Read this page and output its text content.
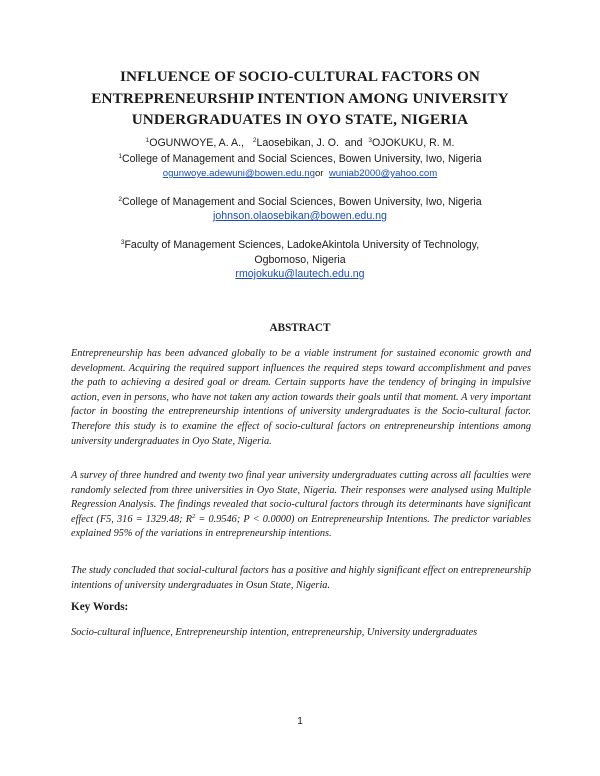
INFLUENCE OF SOCIO-CULTURAL FACTORS ON ENTREPRENEURSHIP INTENTION AMONG UNIVERSITY UNDERGRADUATES IN OYO STATE, NIGERIA
$^1$OGUNWOYE, A. A., $^2$Laosebikan, J. O. and $^3$OJOKUKU, R. M.
$^1$College of Management and Social Sciences, Bowen University, Iwo, Nigeria
ogunwoye.adewuni@bowen.edu.ngor wuniab2000@yahoo.com
$^2$College of Management and Social Sciences, Bowen University, Iwo, Nigeria
johnson.olaosebikan@bowen.edu.ng
$^3$Faculty of Management Sciences, LadokeAkintola University of Technology,
Ogbomoso, Nigeria
rmojokuku@lautech.edu.ng
ABSTRACT

Entrepreneurship has been advanced globally to be a viable instrument for sustained economic growth and development. Acquiring the required support influences the required steps toward accomplishment and paves the path to achieving a desired goal or dream. Certain supports have the tendency of bringing in impulsive action, even in persons, who have not taken any action towards their goals until that moment. A very important factor in boosting the entrepreneurship intentions of university undergraduates is the Socio-cultural factor. Therefore this study is to examine the effect of socio-cultural factors on entrepreneurship intentions among university undergraduates in Oyo State, Nigeria.

A survey of three hundred and twenty two final year university undergraduates cutting across all faculties were randomly selected from three universities in Oyo State, Nigeria. Their responses were analysed using Multiple Regression Analysis. The findings revealed that socio-cultural factors through its determinants have significant effect (F5, 316 = 1329.48; $R^2 = 0.9546$; P < 0.0000) on Entrepreneurship Intentions. The predictor variables explained 95% of the variations in entrepreneurship intentions.

The study concluded that social-cultural factors has a positive and highly significant effect on entrepreneurship intentions of university undergraduates in Osun State, Nigeria.

Key Words:

Socio-cultural influence, Entrepreneurship intention, entrepreneurship, University undergraduates

1
